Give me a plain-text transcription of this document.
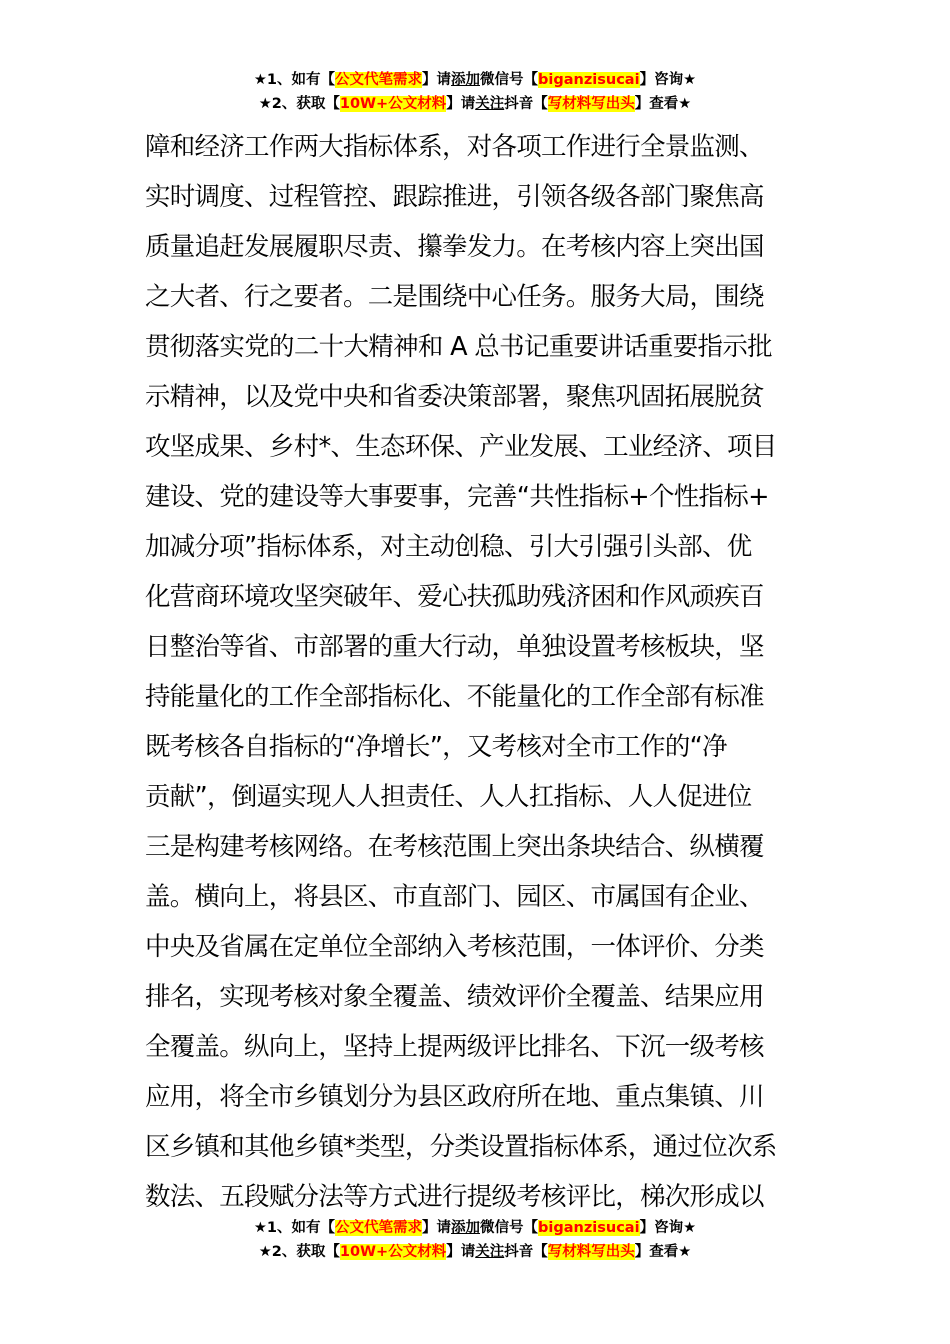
★1、如有【公文代笔需求】请添加微信号【biganzisucai】咨询★
★2、获取【10W+公文材料】请关注抖音【写材料写出头】查看★
障和经济工作两大指标体系，对各项工作进行全景监测、
实时调度、过程管控、跟踪推进，引领各级各部门聚焦高
质量追赶发展履职尽责、攥拳发力。在考核内容上突出国
之大者、行之要者。二是围绕中心任务。服务大局，围绕
贯彻落实党的二十大精神和 A 总书记重要讲话重要指示批
示精神，以及党中央和省委决策部署，聚焦巩固拓展脱贫
攻坚成果、乡村*、生态环保、产业发展、工业经济、项目
建设、党的建设等大事要事，完善“共性指标+个性指标+
加减分项”指标体系，对主动创稳、引大引强引头部、优
化营商环境攻坚突破年、爱心扶孤助残济困和作风顽疾百
日整治等省、市部署的重大行动，单独设置考核板块，坚
持能量化的工作全部指标化、不能量化的工作全部有标准
既考核各自指标的“净增长”，又考核对全市工作的“净
贡献”，倒逼实现人人担责任、人人扛指标、人人促进位
三是构建考核网络。在考核范围上突出条块结合、纵横覆
盖。横向上，将县区、市直部门、园区、市属国有企业、
中央及省属在定单位全部纳入考核范围，一体评价、分类
排名，实现考核对象全覆盖、绩效评价全覆盖、结果应用
全覆盖。纵向上，坚持上提两级评比排名、下沉一级考核
应用，将全市乡镇划分为县区政府所在地、重点集镇、川
区乡镇和其他乡镇*类型，分类设置指标体系，通过位次系
数法、五段赋分法等方式进行提级考核评比，梯次形成以
★1、如有【公文代笔需求】请添加微信号【biganzisucai】咨询★
★2、获取【10W+公文材料】请关注抖音【写材料写出头】查看★
